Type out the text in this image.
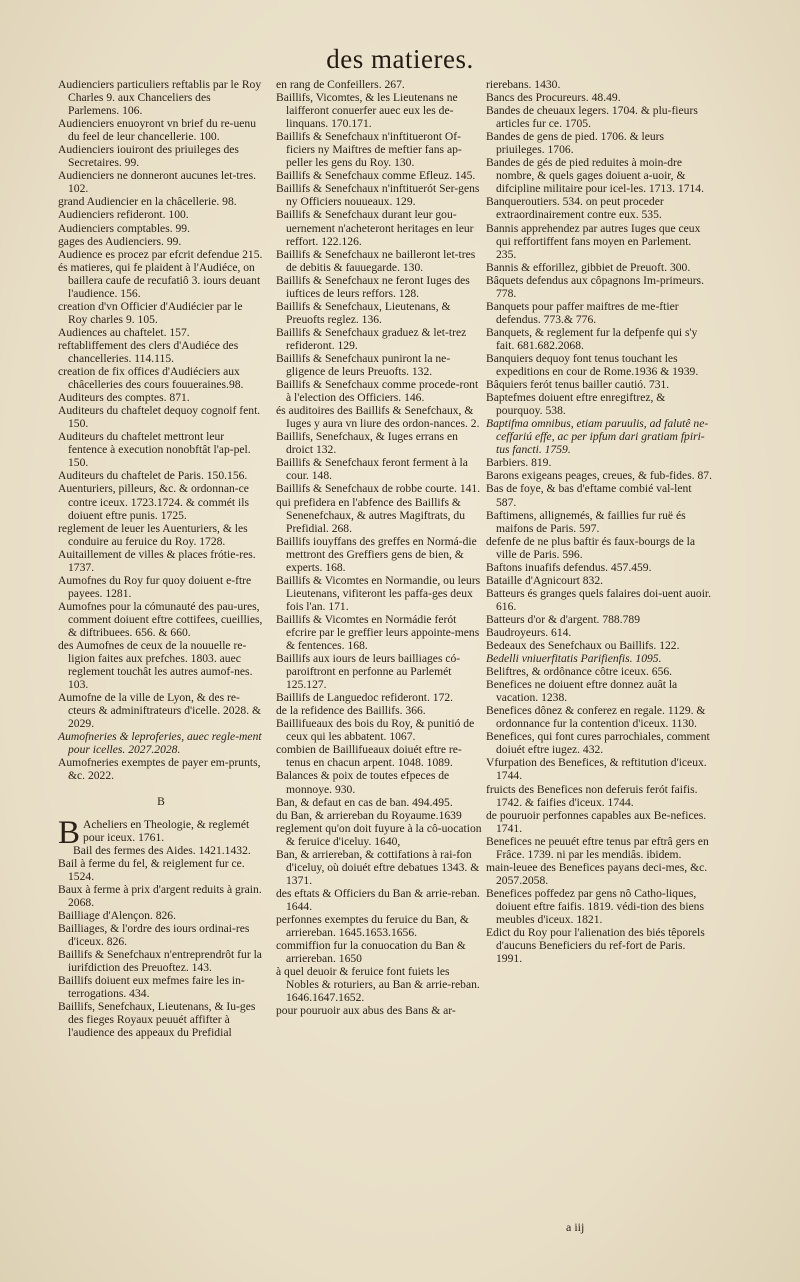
des matieres.

Audienciers particuliers reftablis par le Roy Charles 9. aux Chanceliers des Parlemens. 106.

Audienciers enuoyront vn brief du re-uenu du feel de leur chancellerie. 100.

Audienciers iouiront des priuileges des Secretaires. 99.

Audienciers ne donneront aucunes let-tres. 102.

grand Audiencier en la châcellerie. 98.

Audienciers refideront. 100.

Audienciers comptables. 99.

gages des Audienciers. 99.

Audience es procez par efcrit defendue 215.

és matieres, qui fe plaident à l'Audiéce, on baillera caufe de recufatiô 3. iours deuant l'audience. 156.

creation d'vn Officier d'Audiécier par le Roy charles 9. 105.

Audiences au chaftelet. 157.

reftabliffement des clers d'Audiéce des chancelleries. 114.115.

creation de fix offices d'Audiéciers aux châcelleries des cours fouueraines.98.

Auditeurs des comptes. 871.

Auditeurs du chaftelet dequoy cognoif fent. 150.

Auditeurs du chaftelet mettront leur fentence à execution nonobftât l'ap-pel. 150.

Auditeurs du chaftelet de Paris. 150.156.

Auenturiers, pilleurs, &c. & ordonnan-ce contre iceux. 1723.1724. & commét ils doiuent eftre punis. 1725.

reglement de leuer les Auenturiers, & les conduire au feruice du Roy. 1728.

Auitaillement de villes & places frótie-res. 1737.

Aumofnes du Roy fur quoy doiuent e-ftre payees. 1281.

Aumofnes pour la cómunauté des pau-ures, comment doiuent eftre cottifees, cueillies, & diftribuees. 656. & 660.

des Aumofnes de ceux de la nouuelle re-ligion faites aux prefches. 1803. auec reglement touchât les autres aumof-nes. 103.

Aumofne de la ville de Lyon, & des re-cteurs & adminiftrateurs d'icelle. 2028. & 2029.

Aumofneries & leproferies, auec regle-ment pour icelles. 2027.2028.

Aumofneries exemptes de payer em-prunts, &c. 2022.

B

B Acheliers en Theologie, & reglemét pour iceux. 1761.

Bail des fermes des Aides. 1421.1432.

Bail à ferme du fel, & reiglement fur ce. 1524.

Baux à ferme à prix d'argent reduits à grain. 2068.

Bailliage d'Alençon. 826.

Bailliages, & l'ordre des iours ordinai-res d'iceux. 826.

Baillifs & Senefchaux n'entreprendrôt fur la iurifdiction des Preuoftez. 143.

Baillifs doiuent eux mefmes faire les in-terrogations. 434.

Baillifs, Senefchaux, Lieutenans, & Iu-ges des fieges Royaux peuuét affifter à l'audience des appeaux du Prefidial

en rang de Confeillers. 267.

Baillifs, Vicomtes, & les Lieutenans ne laifferont conuerfer auec eux les de-linquans. 170.171.

Baillifs & Senefchaux n'inftitueront Of-ficiers ny Maiftres de meftier fans ap-peller les gens du Roy. 130.

Baillifs & Senefchaux comme Efleuz. 145.

Baillifs & Senefchaux n'inftituerót Ser-gens ny Officiers nouueaux. 129.

Baillifs & Senefchaux durant leur gou-uernement n'acheteront heritages en leur reffort. 122.126.

Baillifs & Senefchaux ne bailleront let-tres de debitis & fauuegarde. 130.

Baillifs & Senefchaux ne feront Iuges des iuftices de leurs reffors. 128.

Baillifs & Senefchaux, Lieutenans, & Preuofts reglez. 136.

Baillifs & Senefchaux graduez & let-trez refideront. 129.

Baillifs & Senefchaux puniront la ne-gligence de leurs Preuofts. 132.

Baillifs & Senefchaux comme procede-ront à l'election des Officiers. 146.

és auditoires des Baillifs & Senefchaux, & Iuges y aura vn liure des ordon-nances. 2.

Baillifs, Senefchaux, & Iuges errans en droict 132.

Baillifs & Senefchaux feront ferment à la cour. 148.

Baillifs & Senefchaux de robbe courte. 141.

qui prefidera en l'abfence des Baillifs & Senenefchaux, & autres Magiftrats, du Prefidial. 268.

Baillifs iouyffans des greffes en Normá-die mettront des Greffiers gens de bien, & experts. 168.

Baillifs & Vicomtes en Normandie, ou leurs Lieutenans, vifiteront les paffa-ges deux fois l'an. 171.

Baillifs & Vicomtes en Normádie ferót efcrire par le greffier leurs appointe-mens & fentences. 168.

Baillifs aux iours de leurs bailliages có-paroiftront en perfonne au Parlemét 125.127.

Baillifs de Languedoc refideront. 172.

de la refidence des Baillifs. 366.

Baillifueaux des bois du Roy, & punitió de ceux qui les abbatent. 1067.

combien de Baillifueaux doiuét eftre re-tenus en chacun arpent. 1048. 1089.

Balances & poix de toutes efpeces de monnoye. 930.

Ban, & defaut en cas de ban. 494.495.

du Ban, & arriereban du Royaume.1639

reglement qu'on doit fuyure à la cô-uocation & feruice d'iceluy. 1640,

Ban, & arriereban, & cottifations à rai-fon d'iceluy, où doiuét eftre debatues 1343. & 1371.

des eftats & Officiers du Ban & arrie-reban. 1644.

perfonnes exemptes du feruice du Ban, & arriereban. 1645.1653.1656.

commiffion fur la conuocation du Ban & arriereban. 1650

à quel deuoir & feruice font fuiets les Nobles & roturiers, au Ban & arrie-reban. 1646.1647.1652.

pour pouruoir aux abus des Bans & ar-

rierebans. 1430.

Bancs des Procureurs. 48.49.

Bandes de cheuaux legers. 1704. & plu-fieurs articles fur ce. 1705.

Bandes de gens de pied. 1706. & leurs priuileges. 1706.

Bandes de gés de pied reduites à moin-dre nombre, & quels gages doiuent a-uoir, & difcipline militaire pour icel-les. 1713. 1714.

Banqueroutiers. 534. on peut proceder extraordinairement contre eux. 535.

Bannis apprehendez par autres Iuges que ceux qui reffortiffent fans moyen en Parlement. 235.

Bannis & efforillez, gibbiet de Preuoft. 300.

Bâquets defendus aux côpagnons Im-primeurs. 778.

Banquets pour paffer maiftres de me-ftier defendus. 773.& 776.

Banquets, & reglement fur la defpenfe qui s'y fait. 681.682.2068.

Banquiers dequoy font tenus touchant les expeditions en cour de Rome.1936 & 1939.

Bâquiers ferót tenus bailler cautió. 731.

Baptefmes doiuent eftre enregiftrez, & pourquoy. 538.

Baptifma omnibus, etiam paruulis, ad falutê ne-ceffariú effe, ac per ipfum dari gratiam fpiri-tus fancti. 1759.

Barbiers. 819.

Barons exigeans peages, creues, & fub-fides. 87.

Bas de foye, & bas d'eftame combié val-lent 587.

Baftimens, allignemés, & faillies fur ruë és maifons de Paris. 597.

defenfe de ne plus baftir és faux-bourgs de la ville de Paris. 596.

Baftons inuafifs defendus. 457.459.

Bataille d'Agnicourt 832.

Batteurs és granges quels falaires doi-uent auoir. 616.

Batteurs d'or & d'argent. 788.789

Baudroyeurs. 614.

Bedeaux des Senefchaux ou Baillifs. 122.

Bedelli vniuerfitatis Parifienfis. 1095.

Beliftres, & ordônance côtre iceux. 656.

Benefices ne doiuent eftre donnez auât la vacation. 1238.

Benefices dônez & conferez en regale. 1129. & ordonnance fur la contention d'iceux. 1130.

Benefices, qui font cures parrochiales, comment doiuét eftre iugez. 432.

Vfurpation des Benefices, & reftitution d'iceux. 1744.

fruicts des Benefices non deferuis ferót faifis. 1742. & faifies d'iceux. 1744.

de pouruoir perfonnes capables aux Be-nefices. 1741.

Benefices ne peuuét eftre tenus par eftrâ gers en Frâce. 1739. ni par les mendiâs. ibidem.

main-leuee des Benefices payans deci-mes, &c. 2057.2058.

Benefices poffedez par gens nô Catho-liques, doiuent eftre faifis. 1819. védi-tion des biens meubles d'iceux. 1821.

Edict du Roy pour l'alienation des biés têporels d'aucuns Beneficiers du ref-fort de Paris. 1991.

a iij
